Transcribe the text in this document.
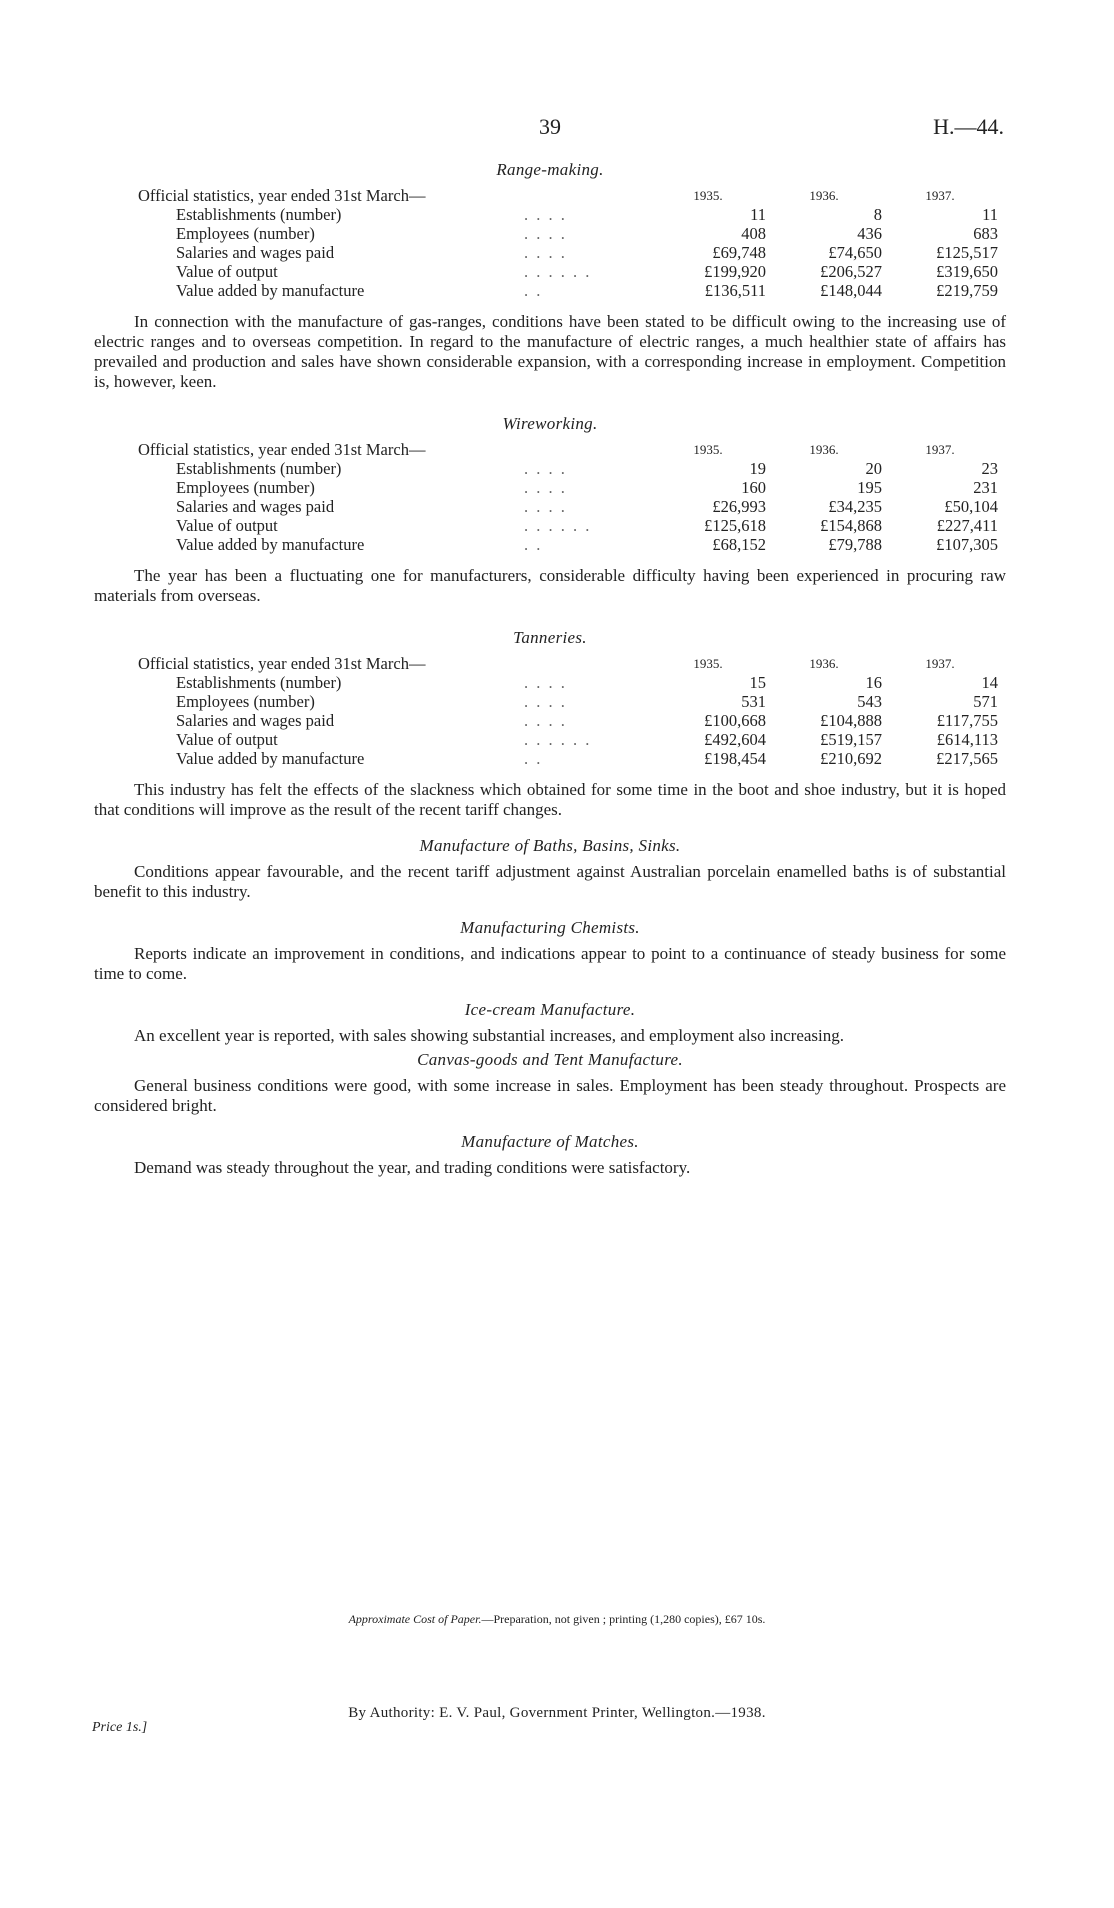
39	H.—44.
Range-making.
Official statistics, year ended 31st March—		1935.	1936.	1937.
Establishments (number)	. . . .	11	8	11
Employees (number)	. . . .	408	436	683
Salaries and wages paid	. . . .	£69,748	£74,650	£125,517
Value of output	. . . . . .	£199,920	£206,527	£319,650
Value added by manufacture	. .	£136,511	£148,044	£219,759

In connection with the manufacture of gas-ranges, conditions have been stated to be difficult owing to the increasing use of electric ranges and to overseas competition. In regard to the manufacture of electric ranges, a much healthier state of affairs has prevailed and production and sales have shown considerable expansion, with a corresponding increase in employment. Competition is, however, keen.

Wireworking.
Official statistics, year ended 31st March—		1935.	1936.	1937.
Establishments (number)	. . . .	19	20	23
Employees (number)	. . . .	160	195	231
Salaries and wages paid	. . . .	£26,993	£34,235	£50,104
Value of output	. . . . . .	£125,618	£154,868	£227,411
Value added by manufacture	. .	£68,152	£79,788	£107,305

The year has been a fluctuating one for manufacturers, considerable difficulty having been experienced in procuring raw materials from overseas.

Tanneries.
Official statistics, year ended 31st March—		1935.	1936.	1937.
Establishments (number)	. . . .	15	16	14
Employees (number)	. . . .	531	543	571
Salaries and wages paid	. . . .	£100,668	£104,888	£117,755
Value of output	. . . . . .	£492,604	£519,157	£614,113
Value added by manufacture	. .	£198,454	£210,692	£217,565

This industry has felt the effects of the slackness which obtained for some time in the boot and shoe industry, but it is hoped that conditions will improve as the result of the recent tariff changes.

Manufacture of Baths, Basins, Sinks.

Conditions appear favourable, and the recent tariff adjustment against Australian porcelain enamelled baths is of substantial benefit to this industry.

Manufacturing Chemists.

Reports indicate an improvement in conditions, and indications appear to point to a continuance of steady business for some time to come.

Ice-cream Manufacture.

An excellent year is reported, with sales showing substantial increases, and employment also increasing.

Canvas-goods and Tent Manufacture.

General business conditions were good, with some increase in sales. Employment has been steady throughout. Prospects are considered bright.

Manufacture of Matches.

Demand was steady throughout the year, and trading conditions were satisfactory.

Approximate Cost of Paper.—Preparation, not given ; printing (1,280 copies), £67 10s.
By Authority: E. V. Paul, Government Printer, Wellington.—1938.
Price 1s.]
